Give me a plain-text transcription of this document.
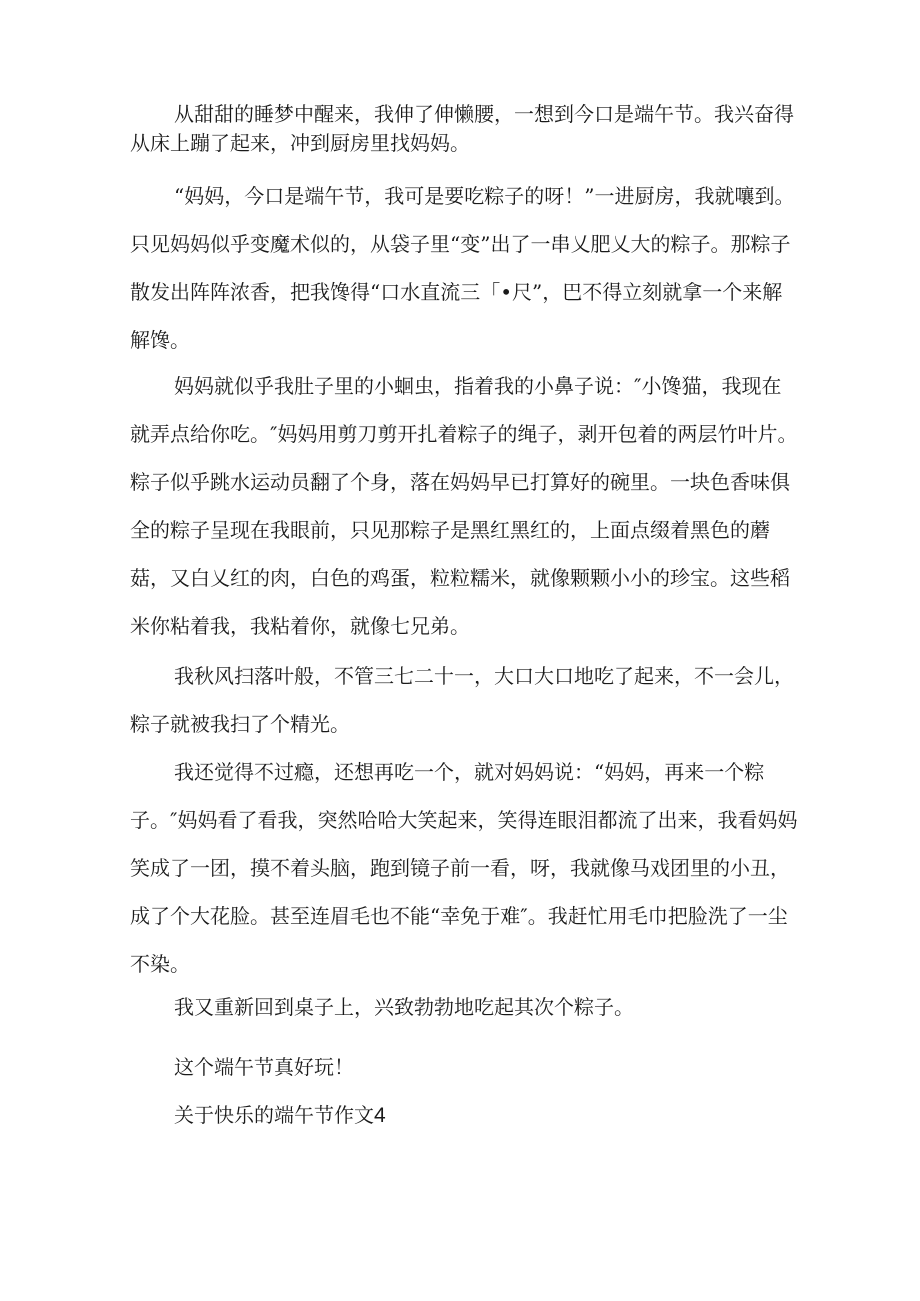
从甜甜的睡梦中醒来，我伸了伸懒腰，一想到今口是端午节。我兴奋得从床上蹦了起来，冲到厨房里找妈妈。

“妈妈，今口是端午节，我可是要吃粽子的呀！”一进厨房，我就嚷到。只见妈妈似乎变魔术似的，从袋子里“变”出了一串乂肥乂大的粽子。那粽子散发出阵阵浓香，把我馋得“口水直流三「•尺”，巴不得立刻就拿一个来解解馋。

妈妈就似乎我肚子里的小蛔虫，指着我的小鼻子说：″小馋猫，我现在就弄点给你吃。″妈妈用剪刀剪开扎着粽子的绳子，剥开包着的两层竹叶片。粽子似乎跳水运动员翻了个身，落在妈妈早已打算好的碗里。一块色香味俱全的粽子呈现在我眼前，只见那粽子是黑红黑红的，上面点缀着黑色的蘑菇，又白乂红的肉，白色的鸡蛋，粒粒糯米，就像颗颗小小的珍宝。这些稻米你粘着我，我粘着你，就像七兄弟。

我秋风扫落叶般，不管三七二十一，大口大口地吃了起来，不一会儿，粽子就被我扫了个精光。

我还觉得不过瘾，还想再吃一个，就对妈妈说：“妈妈，再来一个粽子。″妈妈看了看我，突然哈哈大笑起来，笑得连眼泪都流了出来，我看妈妈笑成了一团，摸不着头脑，跑到镜子前一看，呀，我就像马戏团里的小丑，成了个大花脸。甚至连眉毛也不能“幸免于难″。我赶忙用毛巾把脸洗了一尘不染。

我又重新回到桌子上，兴致勃勃地吃起其次个粽子。

这个端午节真好玩！

关于快乐的端午节作文4
